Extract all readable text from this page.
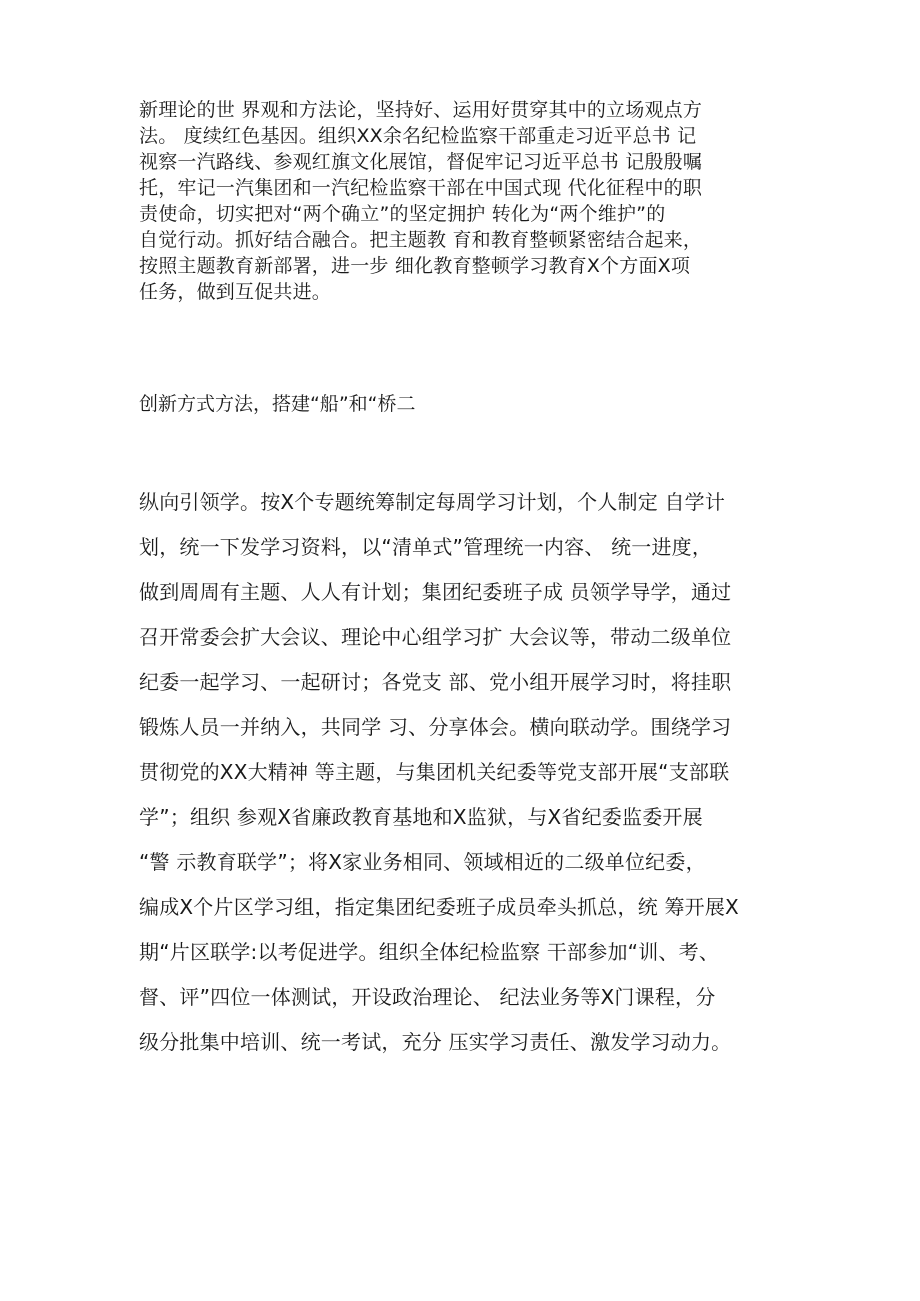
新理论的世 界观和方法论，坚持好、运用好贯穿其中的立场观点方

法。 度续红色基因。组织XX余名纪检监察干部重走习近平总书 记

视察一汽路线、参观红旗文化展馆，督促牢记习近平总书 记殷殷嘱

托，牢记一汽集团和一汽纪检监察干部在中国式现 代化征程中的职

责使命，切实把对“两个确立”的坚定拥护 转化为“两个维护”的

自觉行动。抓好结合融合。把主题教 育和教育整顿紧密结合起来，

按照主题教育新部署，进一步 细化教育整顿学习教育X个方面X项

任务，做到互促共进。

创新方式方法，搭建“船”和“桥二

纵向引领学。按X个专题统筹制定每周学习计划，个人制定 自学计

划，统一下发学习资料，以“清单式”管理统一内容、 统一进度，

做到周周有主题、人人有计划；集团纪委班子成 员领学导学，通过

召开常委会扩大会议、理论中心组学习扩 大会议等，带动二级单位

纪委一起学习、一起研讨；各党支 部、党小组开展学习时，将挂职

锻炼人员一并纳入，共同学 习、分享体会。横向联动学。围绕学习

贯彻党的XX大精神 等主题，与集团机关纪委等党支部开展“支部联

学”；组织 参观X省廉政教育基地和X监狱，与X省纪委监委开展

“警 示教育联学”；将X家业务相同、领域相近的二级单位纪委，

编成X个片区学习组，指定集团纪委班子成员牵头抓总，统 筹开展X

期“片区联学:以考促进学。组织全体纪检监察 干部参加“训、考、

督、评”四位一体测试，开设政治理论、 纪法业务等X门课程，分

级分批集中培训、统一考试，充分 压实学习责任、激发学习动力。
